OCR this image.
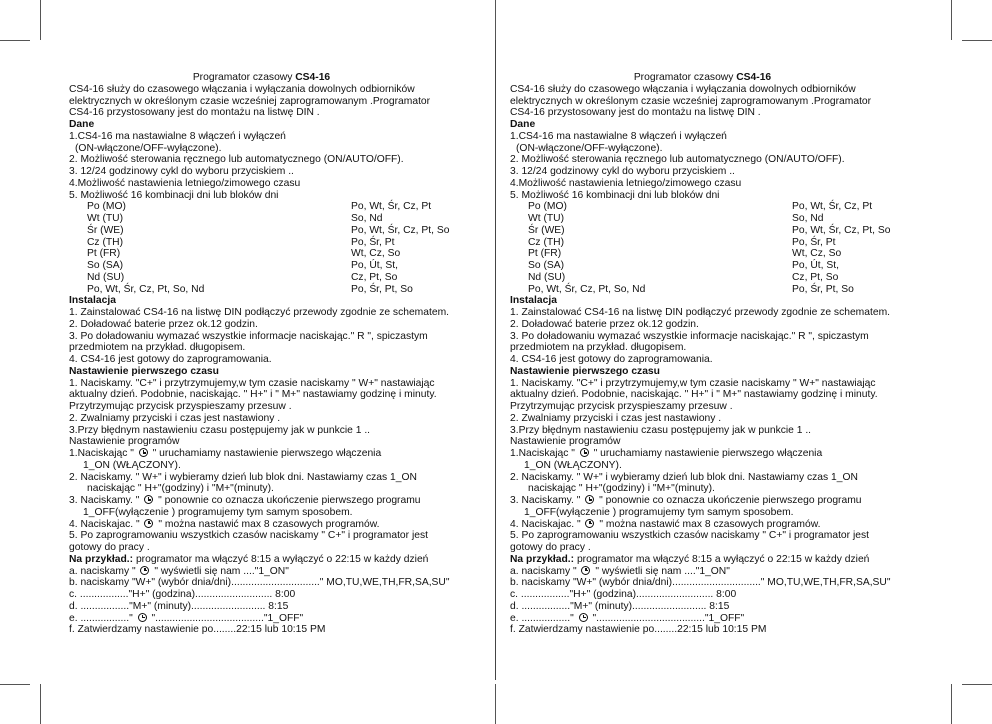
Programator czasowy CS4-16
CS4-16 służy do czasowego włączania i wyłączania dowolnych odbiorników
elektrycznych w określonym czasie wcześniej zaprogramowanym .Programator
CS4-16 przystosowany jest do montażu na listwę DIN .
Dane
1.CS4-16 ma nastawialne 8 włączeń i wyłączeń
(ON-włączone/OFF-wyłączone).
2. Możliwość sterowania ręcznego lub automatycznego (ON/AUTO/OFF).
3. 12/24 godzinowy cykl do wyboru przyciskiem ..
4.Możliwość nastawienia letniego/zimowego czasu
5. Możliwość 16 kombinacji dni lub bloków dni
Po (MO)	Po, Wt, Śr, Cz, Pt
Wt (TU)	So, Nd
Śr (WE)	Po, Wt, Śr, Cz, Pt, So
Cz (TH)	Po, Śr, Pt
Pt (FR)	Wt, Cz, So
So (SA)	Po, Út, St,
Nd (SU)	Cz, Pt, So
Po, Wt, Śr, Cz, Pt, So, Nd	Po, Śr, Pt, So
Instalacja
1. Zainstalować CS4-16 na listwę DIN podłączyć przewody zgodnie ze schematem.
2. Doładować baterie przez ok.12 godzin.
3. Po doładowaniu wymazać wszystkie informacje naciskając." R ", spiczastym
przedmiotem na przykład. długopisem.
4. CS4-16 jest gotowy do zaprogramowania.
Nastawienie pierwszego czasu
1. Naciskamy. "C+" i przytrzymujemy,w tym czasie naciskamy " W+" nastawiając
aktualny dzień. Podobnie, naciskając. " H+" i " M+" nastawiamy godzinę i minuty.
Przytrzymując przycisk przyspieszamy przesuw .
2. Zwalniamy przyciski i czas jest nastawiony .
3.Przy błędnym nastawieniu czasu postępujemy jak w punkcie 1 ..
Nastawienie programów
1.Naciskając "  " uruchamiamy nastawienie pierwszego włączenia
1_ON (WŁĄCZONY).
2. Naciskamy. " W+" i wybieramy dzień lub blok dni. Nastawiamy czas 1_ON
naciskając " H+"(godziny) i "M+"(minuty).
3. Naciskamy. "  " ponownie co oznacza ukończenie pierwszego programu
1_OFF(wyłączenie ) programujemy tym samym sposobem.
4. Naciskajac. "  " można nastawić max 8 czasowych programów.
5. Po zaprogramowaniu wszystkich czasów naciskamy " C+" i programator jest
gotowy do pracy .
Na przykład.: programator ma włączyć 8:15 a wyłączyć o 22:15 w każdy dzień
a. naciskamy "  " wyświetli się nam ...."1_ON"
b. naciskamy "W+" (wybór dnia/dni)..............................." MO,TU,WE,TH,FR,SA,SU"
c. ................."H+" (godzina)........................... 8:00
d. ................."M+" (minuty).......................... 8:15
e. ................."  "......................................"1_OFF"
f. Zatwierdzamy nastawienie po........22:15 lub 10:15 PM
Programator czasowy CS4-16
CS4-16 służy do czasowego włączania i wyłączania dowolnych odbiorników
elektrycznych w określonym czasie wcześniej zaprogramowanym .Programator
CS4-16 przystosowany jest do montażu na listwę DIN .
Dane
1.CS4-16 ma nastawialne 8 włączeń i wyłączeń
(ON-włączone/OFF-wyłączone).
2. Możliwość sterowania ręcznego lub automatycznego (ON/AUTO/OFF).
3. 12/24 godzinowy cykl do wyboru przyciskiem ..
4.Możliwość nastawienia letniego/zimowego czasu
5. Możliwość 16 kombinacji dni lub bloków dni
Po (MO)	Po, Wt, Śr, Cz, Pt
Wt (TU)	So, Nd
Śr (WE)	Po, Wt, Śr, Cz, Pt, So
Cz (TH)	Po, Śr, Pt
Pt (FR)	Wt, Cz, So
So (SA)	Po, Út, St,
Nd (SU)	Cz, Pt, So
Po, Wt, Śr, Cz, Pt, So, Nd	Po, Śr, Pt, So
Instalacja
1. Zainstalować CS4-16 na listwę DIN podłączyć przewody zgodnie ze schematem.
2. Doładować baterie przez ok.12 godzin.
3. Po doładowaniu wymazać wszystkie informacje naciskając." R ", spiczastym
przedmiotem na przykład. długopisem.
4. CS4-16 jest gotowy do zaprogramowania.
Nastawienie pierwszego czasu
1. Naciskamy. "C+" i przytrzymujemy,w tym czasie naciskamy " W+" nastawiając
aktualny dzień. Podobnie, naciskając. " H+" i " M+" nastawiamy godzinę i minuty.
Przytrzymując przycisk przyspieszamy przesuw .
2. Zwalniamy przyciski i czas jest nastawiony .
3.Przy błędnym nastawieniu czasu postępujemy jak w punkcie 1 ..
Nastawienie programów
1.Naciskając "  " uruchamiamy nastawienie pierwszego włączenia
1_ON (WŁĄCZONY).
2. Naciskamy. " W+" i wybieramy dzień lub blok dni. Nastawiamy czas 1_ON
naciskając " H+"(godziny) i "M+"(minuty).
3. Naciskamy. "  " ponownie co oznacza ukończenie pierwszego programu
1_OFF(wyłączenie ) programujemy tym samym sposobem.
4. Naciskajac. "  " można nastawić max 8 czasowych programów.
5. Po zaprogramowaniu wszystkich czasów naciskamy " C+" i programator jest
gotowy do pracy .
Na przykład.: programator ma włączyć 8:15 a wyłączyć o 22:15 w każdy dzień
a. naciskamy "  " wyświetli się nam ...."1_ON"
b. naciskamy "W+" (wybór dnia/dni)..............................." MO,TU,WE,TH,FR,SA,SU"
c. ................."H+" (godzina)........................... 8:00
d. ................."M+" (minuty).......................... 8:15
e. ................."  "......................................"1_OFF"
f. Zatwierdzamy nastawienie po........22:15 lub 10:15 PM
